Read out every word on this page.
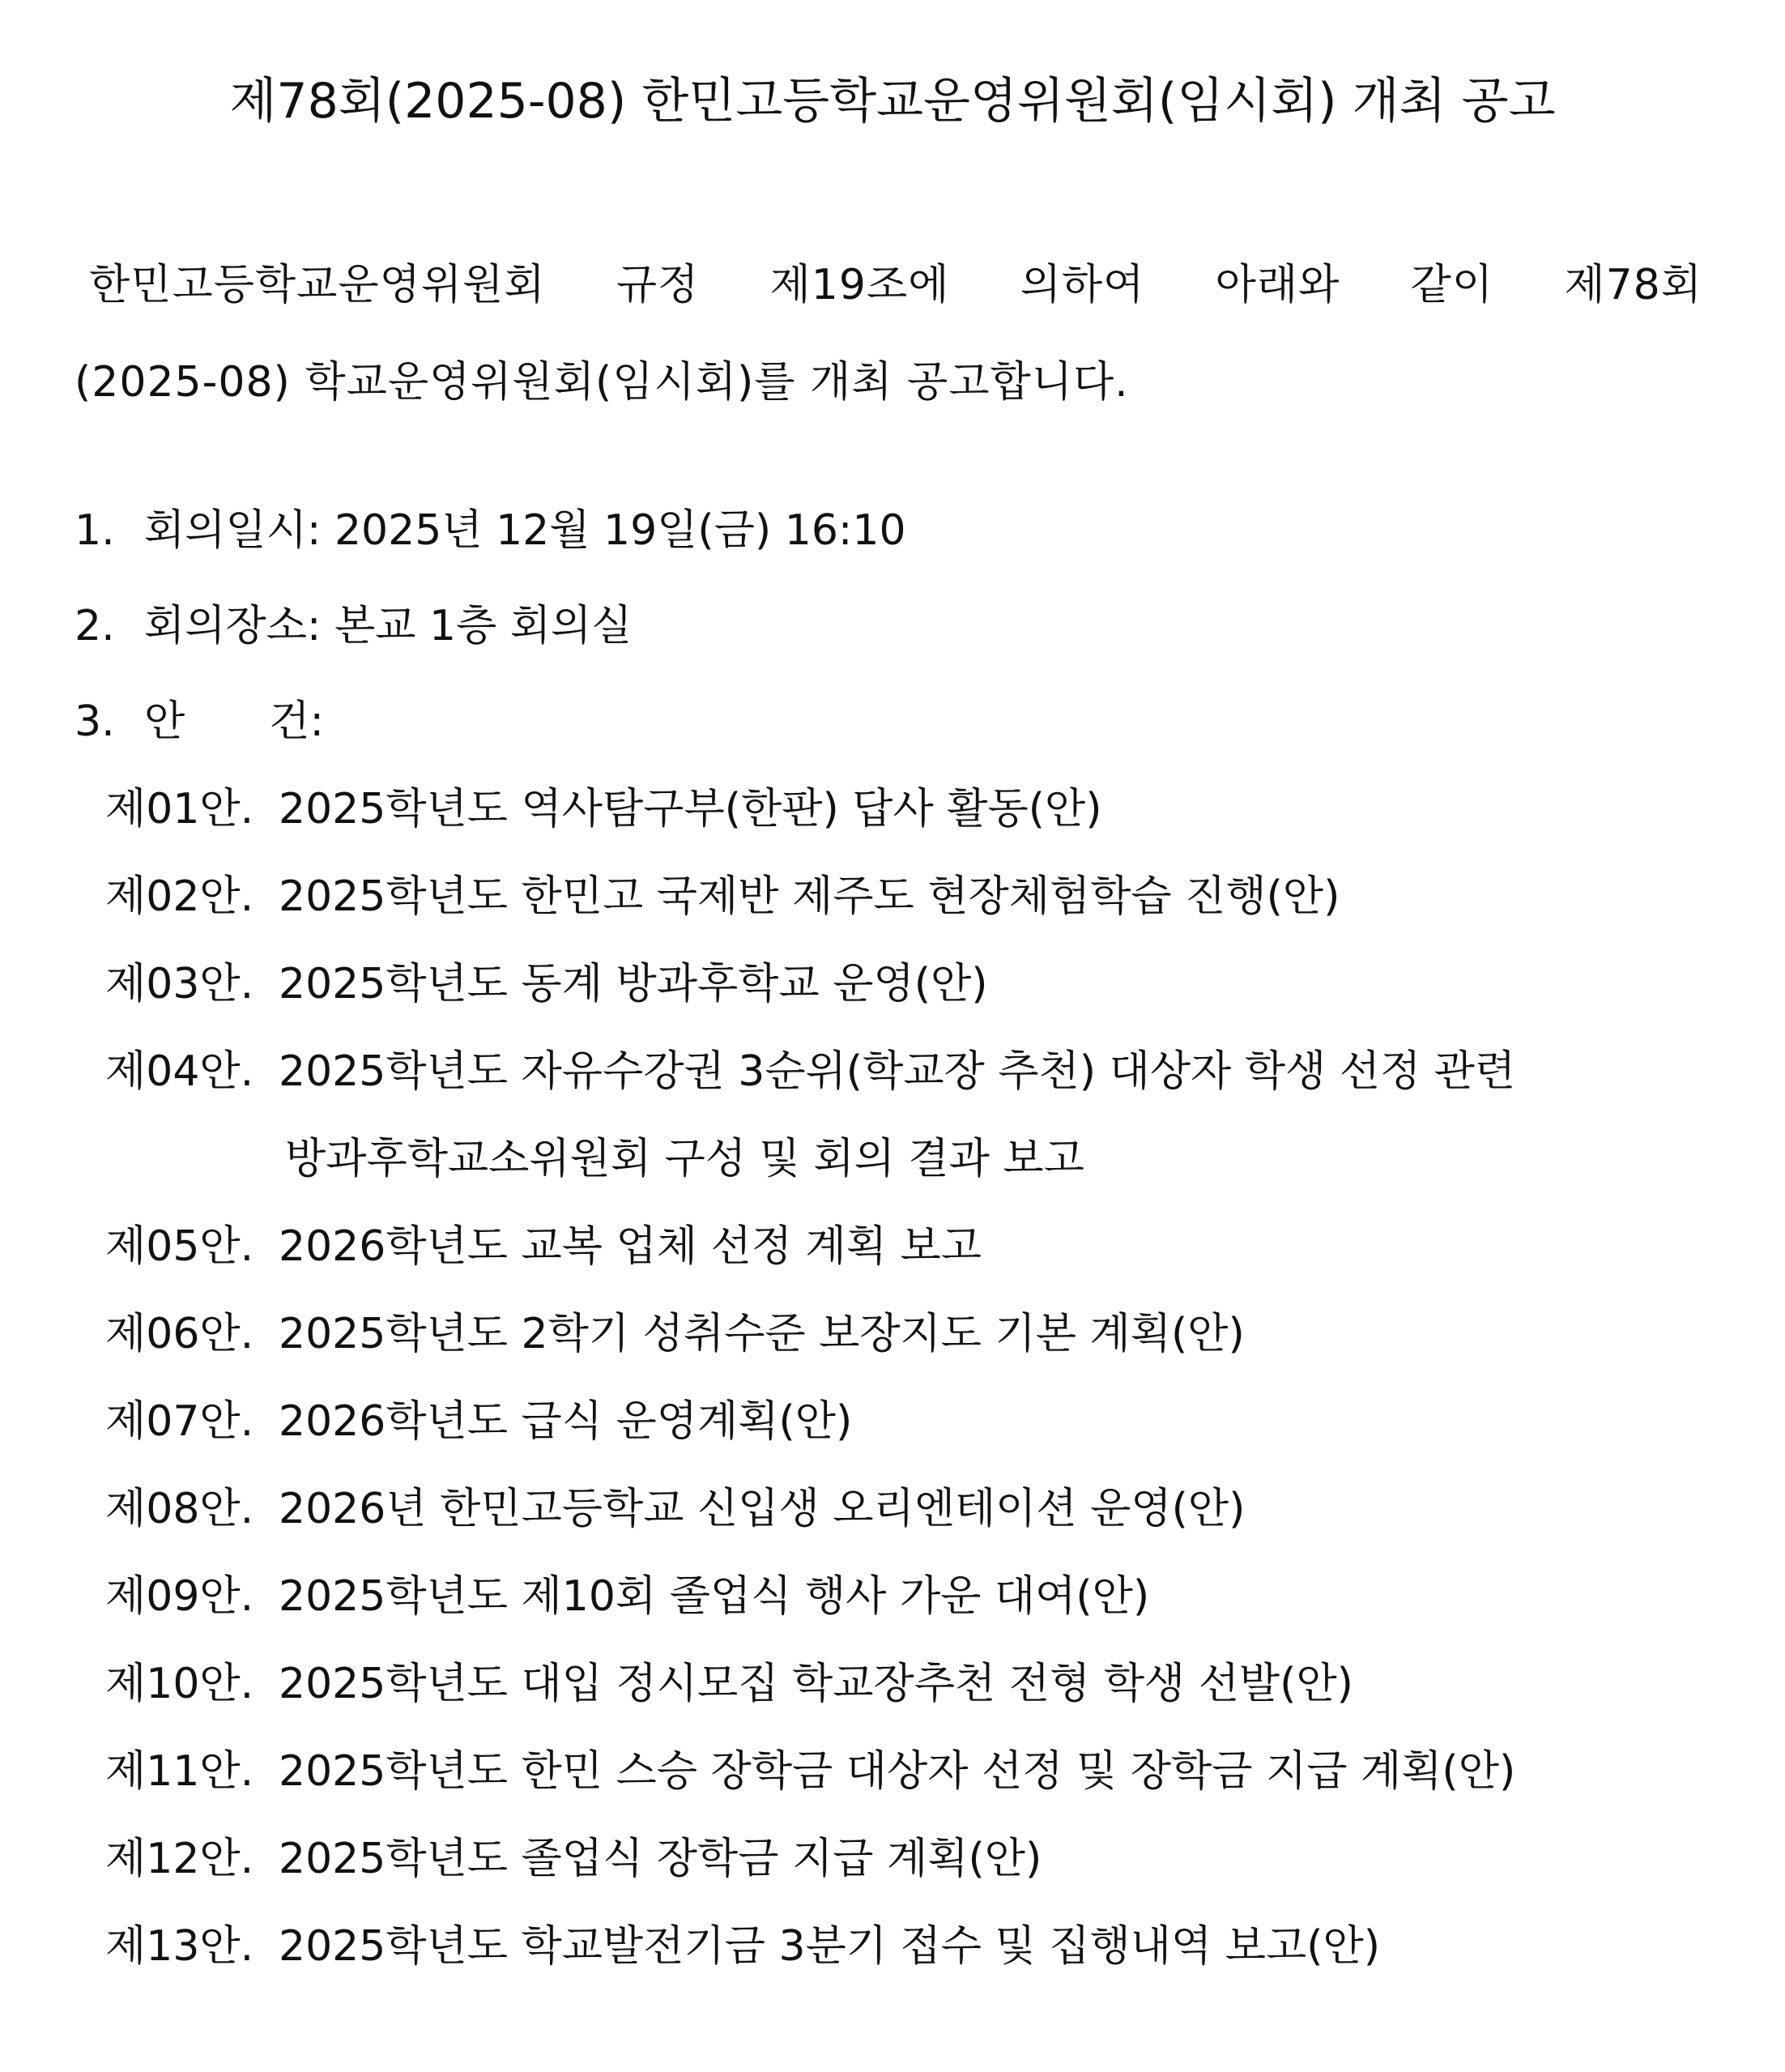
제78회(2025-08) 한민고등학교운영위원회(임시회) 개최 공고
한민고등학교운영위원회 규정 제19조에 의하여 아래와 같이 제78회
(2025-08) 학교운영위원회(임시회)를 개최 공고합니다.
1. 회의일시: 2025년 12월 19일(금) 16:10
2. 회의장소: 본교 1층 회의실
3. 안　　건:
제01안. 2025학년도 역사탐구부(한판) 답사 활동(안)
제02안. 2025학년도 한민고 국제반 제주도 현장체험학습 진행(안)
제03안. 2025학년도 동계 방과후학교 운영(안)
제04안. 2025학년도 자유수강권 3순위(학교장 추천) 대상자 학생 선정 관련
방과후학교소위원회 구성 및 회의 결과 보고
제05안. 2026학년도 교복 업체 선정 계획 보고
제06안. 2025학년도 2학기 성취수준 보장지도 기본 계획(안)
제07안. 2026학년도 급식 운영계획(안)
제08안. 2026년 한민고등학교 신입생 오리엔테이션 운영(안)
제09안. 2025학년도 제10회 졸업식 행사 가운 대여(안)
제10안. 2025학년도 대입 정시모집 학교장추천 전형 학생 선발(안)
제11안. 2025학년도 한민 스승 장학금 대상자 선정 및 장학금 지급 계획(안)
제12안. 2025학년도 졸업식 장학금 지급 계획(안)
제13안. 2025학년도 학교발전기금 3분기 접수 및 집행내역 보고(안)
